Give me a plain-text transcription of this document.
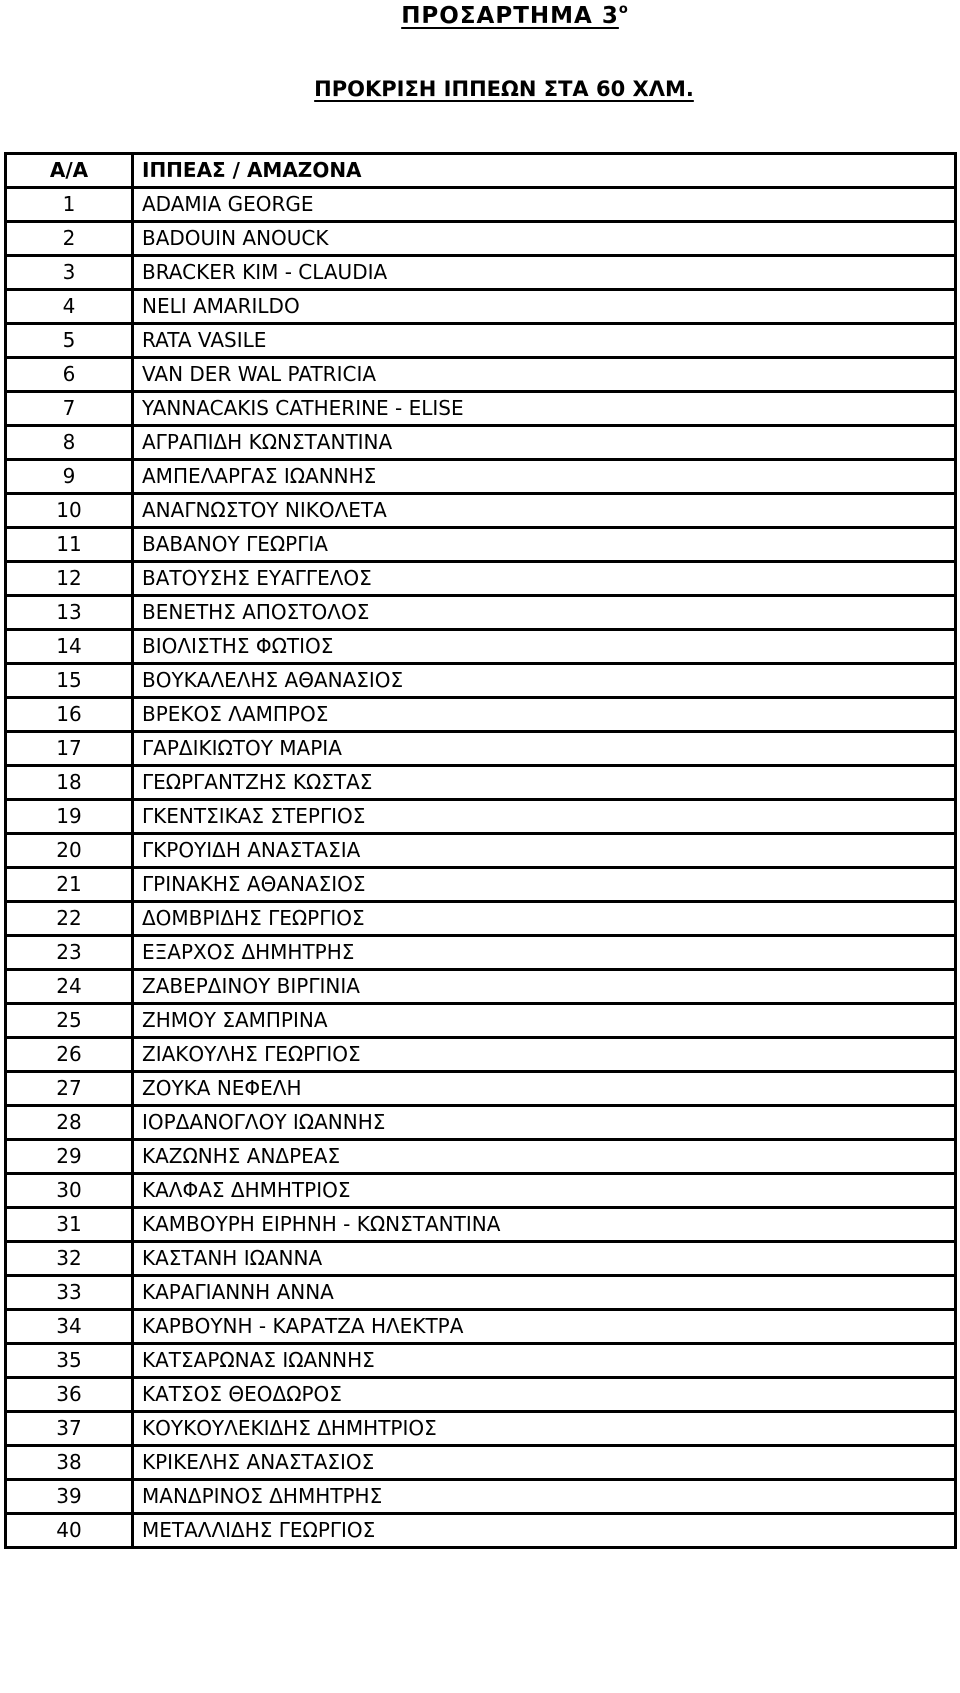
ΠΡΟΣΑΡΤΗΜΑ $3^o$
ΠΡΟΚΡΙΣΗ ΙΠΠΕΩΝ ΣΤΑ 60 ΧΛΜ.
Α/Α	ΙΠΠΕΑΣ / ΑΜΑΖΟΝΑ
1	ADAMIA GEORGE
2	BADOUIN ANOUCK
3	BRACKER KIM - CLAUDIA
4	NELI AMARILDO
5	RATA VASILE
6	VAN DER WAL PATRICIA
7	YANNACAKIS CATHERINE - ELISE
8	ΑΓΡΑΠΙΔΗ ΚΩΝΣΤΑΝΤΙΝΑ
9	ΑΜΠΕΛΑΡΓΑΣ ΙΩΑΝΝΗΣ
10	ΑΝΑΓΝΩΣΤΟΥ ΝΙΚΟΛΕΤΑ
11	ΒΑΒΑΝΟΥ ΓΕΩΡΓΙΑ
12	ΒΑΤΟΥΣΗΣ ΕΥΑΓΓΕΛΟΣ
13	ΒΕΝΕΤΗΣ ΑΠΟΣΤΟΛΟΣ
14	ΒΙΟΛΙΣΤΗΣ ΦΩΤΙΟΣ
15	ΒΟΥΚΑΛΕΛΗΣ ΑΘΑΝΑΣΙΟΣ
16	ΒΡΕΚΟΣ ΛΑΜΠΡΟΣ
17	ΓΑΡΔΙΚΙΩΤΟΥ ΜΑΡΙΑ
18	ΓΕΩΡΓΑΝΤΖΗΣ ΚΩΣΤΑΣ
19	ΓΚΕΝΤΣΙΚΑΣ ΣΤΕΡΓΙΟΣ
20	ΓΚΡΟΥΙΔΗ ΑΝΑΣΤΑΣΙΑ
21	ΓΡΙΝΑΚΗΣ ΑΘΑΝΑΣΙΟΣ
22	ΔΟΜΒΡΙΔΗΣ ΓΕΩΡΓΙΟΣ
23	ΕΞΑΡΧΟΣ ΔΗΜΗΤΡΗΣ
24	ΖΑΒΕΡΔΙΝΟΥ ΒΙΡΓΙΝΙΑ
25	ΖΗΜΟΥ ΣΑΜΠΡΙΝΑ
26	ΖΙΑΚΟΥΛΗΣ ΓΕΩΡΓΙΟΣ
27	ΖΟΥΚΑ ΝΕΦΕΛΗ
28	ΙΟΡΔΑΝΟΓΛΟΥ ΙΩΑΝΝΗΣ
29	ΚΑΖΩΝΗΣ ΑΝΔΡΕΑΣ
30	ΚΑΛΦΑΣ ΔΗΜΗΤΡΙΟΣ
31	ΚΑΜΒΟΥΡΗ ΕΙΡΗΝΗ - ΚΩΝΣΤΑΝΤΙΝΑ
32	ΚΑΣΤΑΝΗ ΙΩΑΝΝΑ
33	ΚΑΡΑΓΙΑΝΝΗ ΑΝΝΑ
34	ΚΑΡΒΟΥΝΗ - ΚΑΡΑΤΖΑ ΗΛΕΚΤΡΑ
35	ΚΑΤΣΑΡΩΝΑΣ ΙΩΑΝΝΗΣ
36	ΚΑΤΣΟΣ ΘΕΟΔΩΡΟΣ
37	ΚΟΥΚΟΥΛΕΚΙΔΗΣ ΔΗΜΗΤΡΙΟΣ
38	ΚΡΙΚΕΛΗΣ ΑΝΑΣΤΑΣΙΟΣ
39	ΜΑΝΔΡΙΝΟΣ ΔΗΜΗΤΡΗΣ
40	ΜΕΤΑΛΛΙΔΗΣ ΓΕΩΡΓΙΟΣ
